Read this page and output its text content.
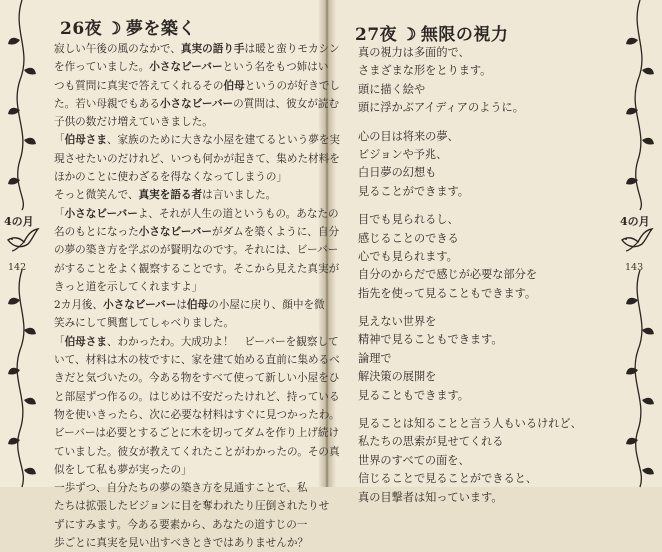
26夜 ☽ 夢を築く
寂しい午後の風のなかで、真実の語り手は暖と蛮りモカシン
を作っていました。小さなビーバーという名をもつ姉はい
つも質問に真実で答えてくれるその伯母というのが好きでし
た。若い母親でもある小さなビーバーの質問は、彼女が読む
子供の数だけ増えていきました。
「伯母さま、家族のために大きな小屋を建てるという夢を実
現させたいのだけれど、いつも何かが起きて、集めた材料を
ほかのことに使わざるを得なくなってしまうの」
そっと微笑んで、真実を語る者は言いました。
「小さなビーバーよ、それが人生の道というもの。あなたの
名のもとになった小さなビーバーがダムを築くように、自分
の夢の築き方を学ぶのが賢明なのです。それには、ビーバー
がすることをよく観察することです。そこから見えた真実が
きっと道を示してくれますよ」
2カ月後、小さなビーバーは伯母の小屋に戻り、顔中を微
笑みにして興奮してしゃべりました。
「伯母さま、わかったわ。大成功よ！　ビーバーを観察して
いて、材料は木の枝ですに、家を建て始める直前に集めるべ
きだと気づいたの。今ある物をすべて使って新しい小屋をひ
と部屋ずつ作るの。はじめは不安だったけれど、持っている
物を使いきったら、次に必要な材料はすぐに見つかったわ。
ビーバーは必要とするごとに木を切ってダムを作り上げ続け
ていました。彼女が教えてくれたことがわかったの。その真
似をして私も夢が実ったの」
一歩ずつ、自分たちの夢の築き方を見通すことで、私
たちは拡張したビジョンに目を奪われたり圧倒されたりせ
ずにすみます。今ある要素から、あなたの道すじの一
歩ごとに真実を見い出すべきときではありませんか？
4の月
142
27夜 ☽ 無限の視力
真の視力は多面的で、
さまざまな形をとります。
頭に描く絵や
頭に浮かぶアイディアのように。
心の目は将来の夢、
ビジョンや予兆、
白日夢の幻想も
見ることができます。
目でも見られるし、
感じることのできる
心でも見られます。
自分のからだで感じが必要な部分を
指先を使って見ることもできます。
見えない世界を
精神で見ることもできます。
論理で
解決策の展開を
見ることもできます。
見ることは知ることと言う人もいるけれど、
私たちの思索が見せてくれる
世界のすべての面を、
信じることで見ることができると、
真の目撃者は知っています。
4の月
143
